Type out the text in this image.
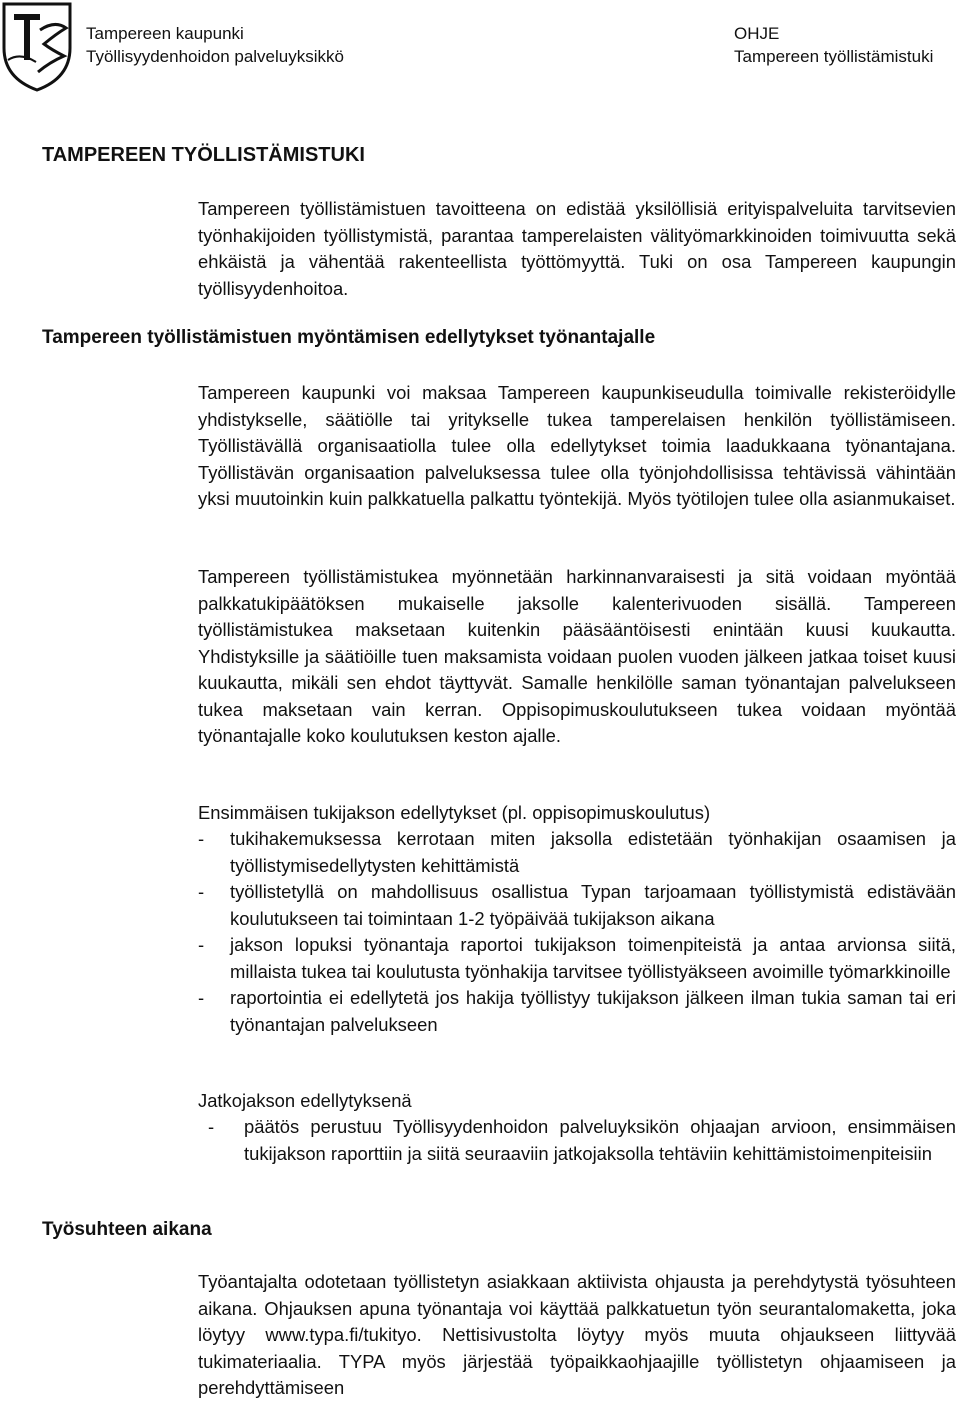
Tampereen kaupunki
Työllisyydenhoidon palveluyksikkö
OHJE
Tampereen työllistämistuki
TAMPEREEN TYÖLLISTÄMISTUKI
Tampereen työllistämistuen tavoitteena on edistää yksilöllisiä erityispalveluita tarvitsevien työnhakijoiden työllistymistä, parantaa tamperelaisten välityömarkkinoiden toimivuutta sekä ehkäistä ja vähentää rakenteellista työttömyyttä. Tuki on osa Tampereen kaupungin työllisyydenhoitoa.
Tampereen työllistämistuen myöntämisen edellytykset työnantajalle
Tampereen kaupunki voi maksaa Tampereen kaupunkiseudulla toimivalle rekisteröidylle yhdistykselle, säätiölle tai yritykselle tukea tamperelaisen henkilön työllistämiseen. Työllistävällä organisaatiolla tulee olla edellytykset toimia laadukkaana työnantajana. Työllistävän organisaation palveluksessa tulee olla työnjohdollisissa tehtävissä vähintään yksi muutoinkin kuin palkkatuella palkattu työntekijä. Myös työtilojen tulee olla asianmukaiset.
Tampereen työllistämistukea myönnetään harkinnanvaraisesti ja sitä voidaan myöntää palkkatukipäätöksen mukaiselle jaksolle kalenterivuoden sisällä. Tampereen työllistämistukea maksetaan kuitenkin pääsääntöisesti enintään kuusi kuukautta. Yhdistyksille ja säätiöille tuen maksamista voidaan puolen vuoden jälkeen jatkaa toiset kuusi kuukautta, mikäli sen ehdot täyttyvät. Samalle henkilölle saman työnantajan palvelukseen tukea maksetaan vain kerran. Oppisopimuskoulutukseen tukea voidaan myöntää työnantajalle koko koulutuksen keston ajalle.
Ensimmäisen tukijakson edellytykset (pl. oppisopimuskoulutus)
- tukihakemuksessa kerrotaan miten jaksolla edistetään työnhakijan osaamisen ja työllistymisedellytysten kehittämistä
- työllistetyllä on mahdollisuus osallistua Typan tarjoamaan työllistymistä edistävään koulutukseen tai toimintaan 1-2 työpäivää tukijakson aikana
- jakson lopuksi työnantaja raportoi tukijakson toimenpiteistä ja antaa arvionsa siitä, millaista tukea tai koulutusta työnhakija tarvitsee työllistyäkseen avoimille työmarkkinoille
- raportointia ei edellytetä jos hakija työllistyy tukijakson jälkeen ilman tukia saman tai eri työnantajan palvelukseen
Jatkojakson edellytyksenä
- päätös perustuu Työllisyydenhoidon palveluyksikön ohjaajan arvioon, ensimmäisen tukijakson raporttiin ja siitä seuraaviin jatkojaksolla tehtäviin kehittämistoimenpiteisiin
Työsuhteen aikana
Työantajalta odotetaan työllistetyn asiakkaan aktiivista ohjausta ja perehdytystä työsuhteen aikana. Ohjauksen apuna työnantaja voi käyttää palkkatuetun työn seurantalomaketta, joka löytyy www.typa.fi/tukityo. Nettisivustolta löytyy myös muuta ohjaukseen liittyvää tukimateriaalia. TYPA myös järjestää työpaikkaohjaajille työllistetyn ohjaamiseen ja perehdyttämiseen
